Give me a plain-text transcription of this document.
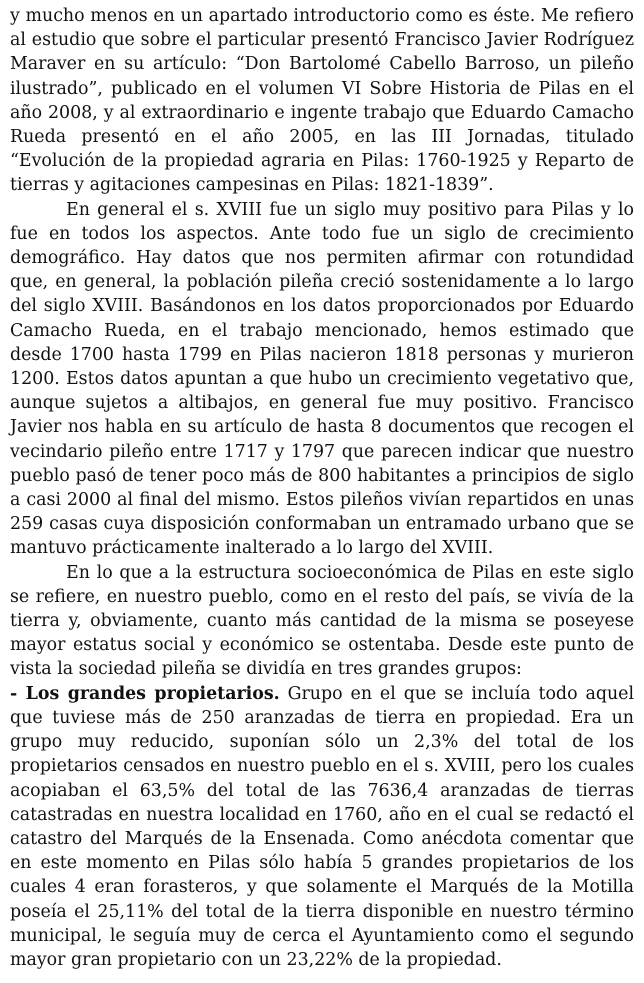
y mucho menos en un apartado introductorio como es éste. Me refiero al estudio que sobre el particular presentó Francisco Javier Rodríguez Maraver en su artículo: “Don Bartolomé Cabello Barroso, un pileño ilustrado”, publicado en el volumen VI Sobre Historia de Pilas en el año 2008, y al extraordinario e ingente trabajo que Eduardo Camacho Rueda presentó en el año 2005, en las III Jornadas, titulado “Evolución de la propiedad agraria en Pilas: 1760-1925 y Reparto de tierras y agitaciones campesinas en Pilas: 1821-1839”.

En general el s. XVIII fue un siglo muy positivo para Pilas y lo fue en todos los aspectos. Ante todo fue un siglo de crecimiento demográfico. Hay datos que nos permiten afirmar con rotundidad que, en general, la población pileña creció sostenidamente a lo largo del siglo XVIII. Basándonos en los datos proporcionados por Eduardo Camacho Rueda, en el trabajo mencionado, hemos estimado que desde 1700 hasta 1799 en Pilas nacieron 1818 personas y murieron 1200. Estos datos apuntan a que hubo un crecimiento vegetativo que, aunque sujetos a altibajos, en general fue muy positivo. Francisco Javier nos habla en su artículo de hasta 8 documentos que recogen el vecindario pileño entre 1717 y 1797 que parecen indicar que nuestro pueblo pasó de tener poco más de 800 habitantes a principios de siglo a casi 2000 al final del mismo. Estos pileños vivían repartidos en unas 259 casas cuya disposición conformaban un entramado urbano que se mantuvo prácticamente inalterado a lo largo del XVIII.

En lo que a la estructura socioeconómica de Pilas en este siglo se refiere, en nuestro pueblo, como en el resto del país, se vivía de la tierra y, obviamente, cuanto más cantidad de la misma se poseyese mayor estatus social y económico se ostentaba. Desde este punto de vista la sociedad pileña se dividía en tres grandes grupos:

- Los grandes propietarios. Grupo en el que se incluía todo aquel que tuviese más de 250 aranzadas de tierra en propiedad. Era un grupo muy reducido, suponían sólo un 2,3% del total de los propietarios censados en nuestro pueblo en el s. XVIII, pero los cuales acopiaban el 63,5% del total de las 7636,4 aranzadas de tierras catastradas en nuestra localidad en 1760, año en el cual se redactó el catastro del Marqués de la Ensenada. Como anécdota comentar que en este momento en Pilas sólo había 5 grandes propietarios de los cuales 4 eran forasteros, y que solamente el Marqués de la Motilla poseía el 25,11% del total de la tierra disponible en nuestro término municipal, le seguía muy de cerca el Ayuntamiento como el segundo mayor gran propietario con un 23,22% de la propiedad.
